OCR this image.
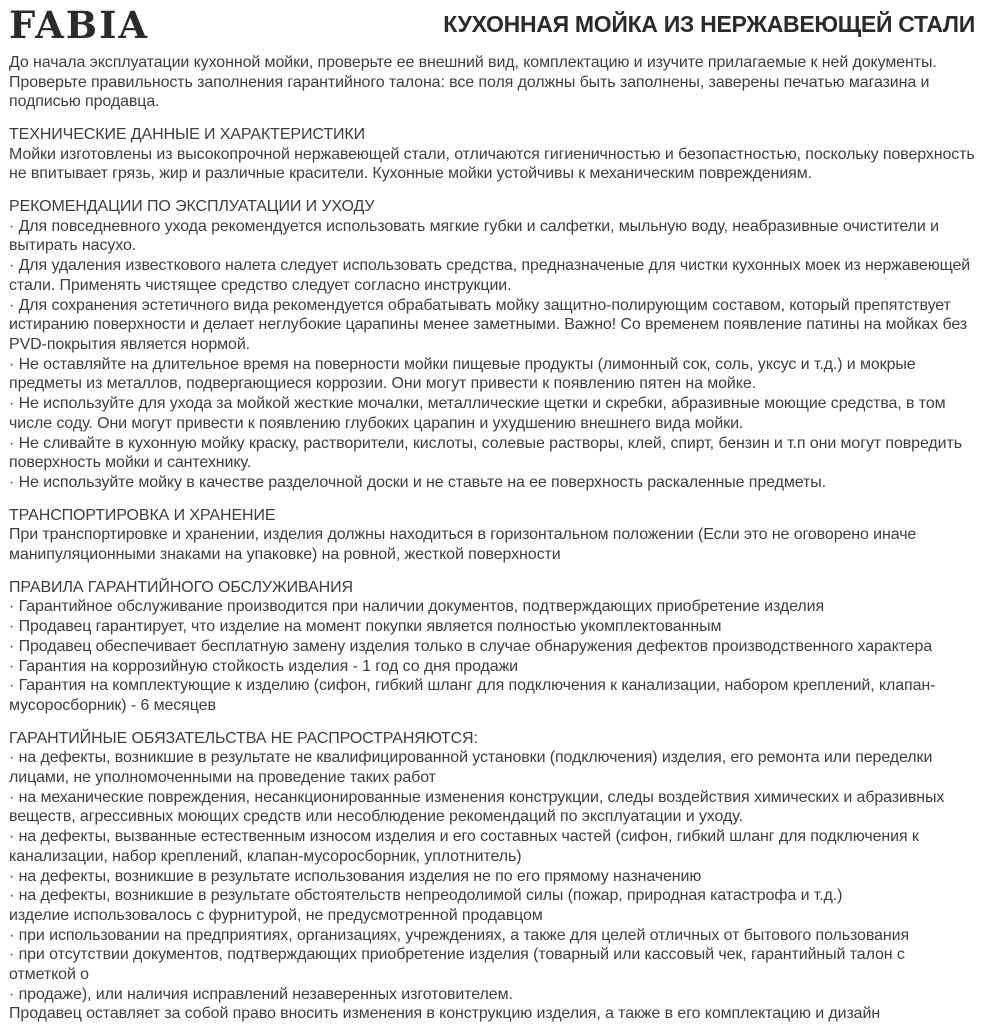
FABIA	КУХОННАЯ МОЙКА ИЗ НЕРЖАВЕЮЩЕЙ СТАЛИ

До начала эксплуатации кухонной мойки, проверьте ее внешний вид, комплектацию и изучите прилагаемые к ней документы. Проверьте правильность заполнения гарантийного талона: все поля должны быть заполнены, заверены печатью магазина и подписью продавца.

ТЕХНИЧЕСКИЕ ДАННЫЕ И ХАРАКТЕРИСТИКИ

Мойки изготовлены из высокопрочной нержавеющей стали, отличаются гигиеничностью и безопастностью, поскольку поверхность не впитывает грязь, жир и различные красители. Кухонные мойки устойчивы к механическим повреждениям.

РЕКОМЕНДАЦИИ ПО ЭКСПЛУАТАЦИИ И УХОДУ

· Для повседневного ухода рекомендуется использовать мягкие губки и салфетки, мыльную воду, неабразивные очистители и вытирать насухо.

· Для удаления известкового налета следует использовать средства, предназначеные для чистки кухонных моек из нержавеющей стали. Применять чистящее средство следует согласно инструкции.

· Для сохранения эстетичного вида рекомендуется обрабатывать мойку защитно-полирующим составом, который препятствует истиранию поверхности и делает неглубокие царапины менее заметными. Важно! Со временем появление патины на мойках без PVD-покрытия является нормой.

· Не оставляйте на длительное время на поверности мойки пищевые продукты (лимонный сок, соль, уксус и т.д.) и мокрые предметы из металлов, подвергающиеся коррозии. Они могут привести к появлению пятен на мойке.

· Не используйте для ухода за мойкой жесткие мочалки, металлические щетки и скребки, абразивные моющие средства, в том числе соду. Они могут привести к появлению глубоких царапин и ухудшению внешнего вида мойки.

· Не сливайте в кухонную мойку краску, растворители, кислоты, солевые растворы, клей, спирт, бензин и т.п они могут повредить поверхность мойки и сантехнику.

· Не используйте мойку в качестве разделочной доски и не ставьте на ее поверхность раскаленные предметы.

ТРАНСПОРТИРОВКА И ХРАНЕНИЕ

При транспортировке и хранении, изделия должны находиться в горизонтальном положении (Если это не оговорено иначе манипуляционными знаками на упаковке) на ровной, жесткой поверхности

ПРАВИЛА ГАРАНТИЙНОГО ОБСЛУЖИВАНИЯ

· Гарантийное обслуживание производится при наличии документов, подтверждающих приобретение изделия

· Продавец гарантирует, что изделие на момент покупки является полностью укомплектованным

· Продавец обеспечивает бесплатную замену изделия только в случае обнаружения дефектов производственного характера

· Гарантия на коррозийную стойкость изделия - 1 год со дня продажи

· Гарантия на комплектующие к изделию (сифон, гибкий шланг для подключения к канализации, набором креплений, клапан-мусоросборник) - 6 месяцев

ГАРАНТИЙНЫЕ ОБЯЗАТЕЛЬСТВА НЕ РАСПРОСТРАНЯЮТСЯ:

· на дефекты, возникшие в результате не квалифицированной установки (подключения) изделия, его ремонта или переделки лицами, не уполномоченными на проведение таких работ

· на механические повреждения, несанкционированные изменения конструкции, следы воздействия химических и абразивных веществ, агрессивных моющих средств или несоблюдение рекомендаций по эксплуатации и уходу.

· на дефекты, вызванные естественным износом изделия и его составных частей (сифон, гибкий шланг для подключения к канализации, набор креплений, клапан-мусоросборник, уплотнитель)

· на дефекты, возникшие в результате использования изделия не по его прямому назначению

· на дефекты, возникшие в результате обстоятельств непреодолимой силы (пожар, природная катастрофа и т.д.)

изделие использовалось с фурнитурой, не предусмотренной продавцом

· при использовании на предприятиях, организациях, учреждениях, а также для целей отличных от бытового пользования

· при отсутствии документов, подтверждающих приобретение изделия (товарный или кассовый чек, гарантийный талон с отметкой о

· продаже), или наличия исправлений незаверенных изготовителем.

Продавец оставляет за собой право вносить изменения в конструкцию изделия, а также в его комплектацию и дизайн
